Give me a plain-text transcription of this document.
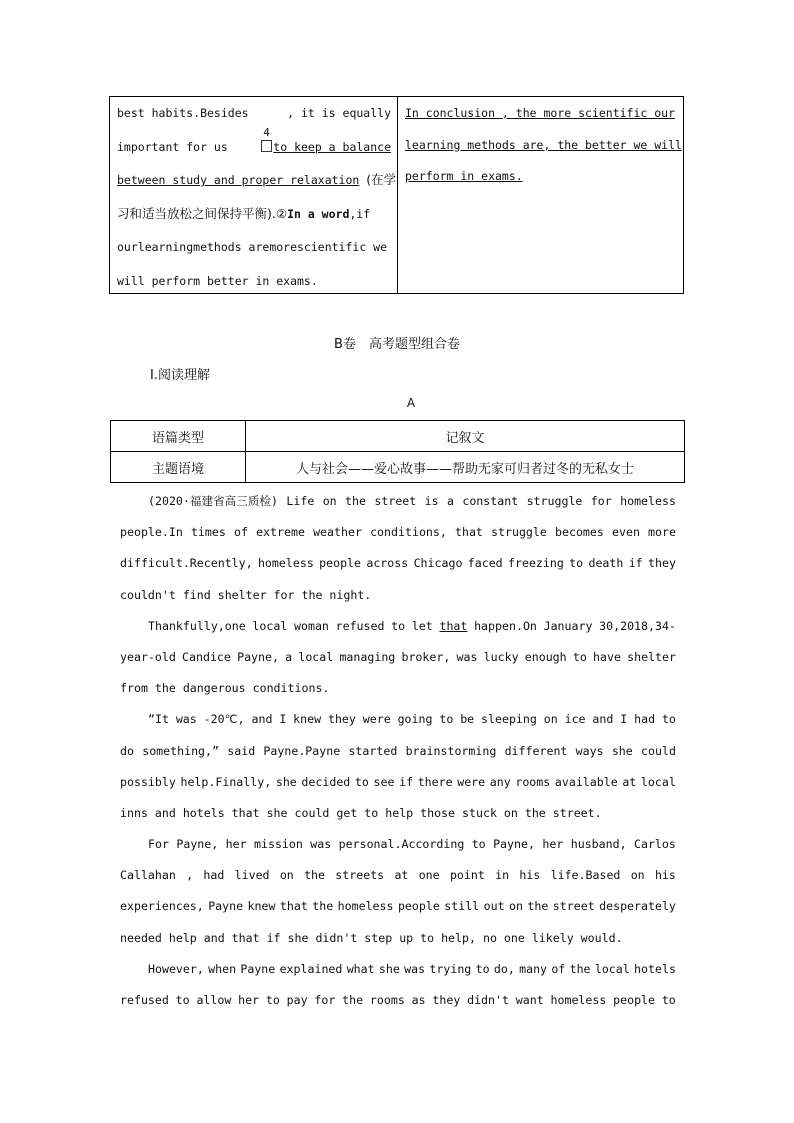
best habits.Besides	, it is equally
important for us
4
to keep a balance
between study and proper relaxation (在学
习和适当放松之间保持平衡).②In a word,if
ourlearningmethods aremorescientific we
will perform better in exams.
In conclusion , the more scientific our
learning methods are, the better we will
perform in exams.
B卷　高考题型组合卷
Ⅰ.阅读理解
A
语篇类型	记叙文
主题语境	人与社会——爱心故事——帮助无家可归者过冬的无私女士
(2020·福建省高三质检) Life on the street is a constant struggle for homeless
people.In times of extreme weather conditions, that struggle becomes even more
difficult.Recently, homeless people across Chicago faced freezing to death if they
couldn't find shelter for the night.
Thankfully,one local woman refused to let that happen.On January 30,2018,34-
year-old Candice Payne, a local managing broker, was lucky enough to have shelter
from the dangerous conditions.
“It was -20℃, and I knew they were going to be sleeping on ice and I had to
do something,” said Payne.Payne started brainstorming different ways she could
possibly help.Finally, she decided to see if there were any rooms available at local
inns and hotels that she could get to help those stuck on the street.
For Payne, her mission was personal.According to Payne, her husband, Carlos
Callahan , had lived on the streets at one point in his life.Based on his
experiences, Payne knew that the homeless people still out on the street desperately
needed help and that if she didn't step up to help, no one likely would.
However, when Payne explained what she was trying to do, many of the local hotels
refused to allow her to pay for the rooms as they didn't want homeless people to
